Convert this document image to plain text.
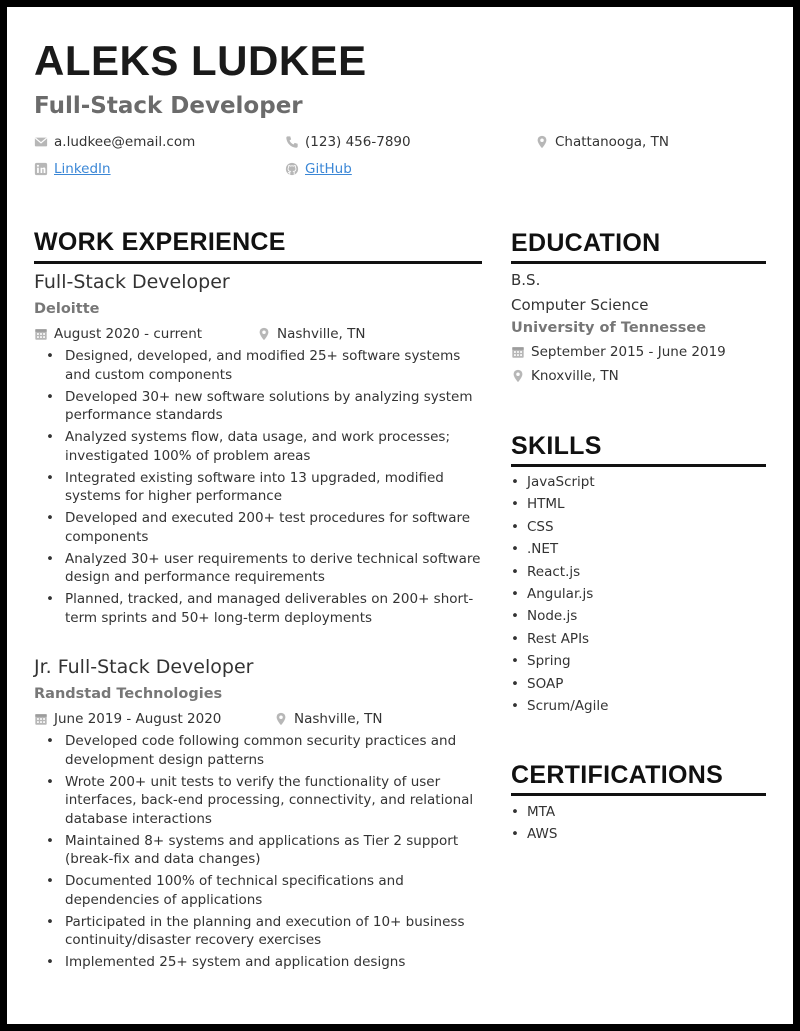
ALEKS LUDKEE
Full-Stack Developer
a.ludkee@email.com	(123) 456-7890	Chattanooga, TN
LinkedIn	GitHub
WORK EXPERIENCE
Full-Stack Developer
Deloitte
August 2020 - current	Nashville, TN
• Designed, developed, and modified 25+ software systems and custom components
• Developed 30+ new software solutions by analyzing system performance standards
• Analyzed systems flow, data usage, and work processes; investigated 100% of problem areas
• Integrated existing software into 13 upgraded, modified systems for higher performance
• Developed and executed 200+ test procedures for software components
• Analyzed 30+ user requirements to derive technical software design and performance requirements
• Planned, tracked, and managed deliverables on 200+ short-term sprints and 50+ long-term deployments
Jr. Full-Stack Developer
Randstad Technologies
June 2019 - August 2020	Nashville, TN
• Developed code following common security practices and development design patterns
• Wrote 200+ unit tests to verify the functionality of user interfaces, back-end processing, connectivity, and relational database interactions
• Maintained 8+ systems and applications as Tier 2 support (break-fix and data changes)
• Documented 100% of technical specifications and dependencies of applications
• Participated in the planning and execution of 10+ business continuity/disaster recovery exercises
• Implemented 25+ system and application designs
EDUCATION
B.S.
Computer Science
University of Tennessee
September 2015 - June 2019
Knoxville, TN
SKILLS
• JavaScript
• HTML
• CSS
• .NET
• React.js
• Angular.js
• Node.js
• Rest APIs
• Spring
• SOAP
• Scrum/Agile
CERTIFICATIONS
• MTA
• AWS
